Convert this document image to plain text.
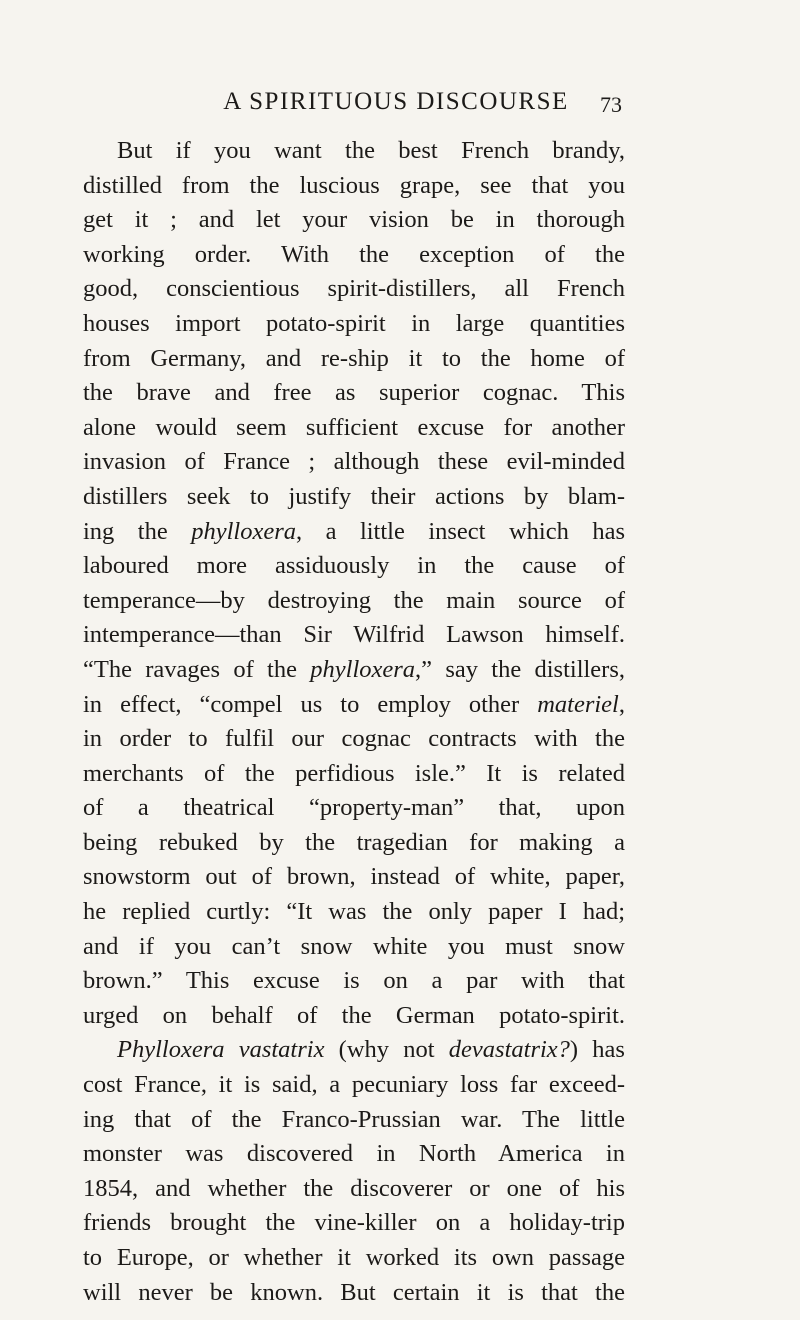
A SPIRITUOUS DISCOURSE	73
But if you want the best French brandy,
distilled from the luscious grape, see that you
get it ; and let your vision be in thorough
working order. With the exception of the
good, conscientious spirit-distillers, all French
houses import potato-spirit in large quantities
from Germany, and re-ship it to the home of
the brave and free as superior cognac. This
alone would seem sufficient excuse for another
invasion of France ; although these evil-minded
distillers seek to justify their actions by blam-
ing the phylloxera, a little insect which has
laboured more assiduously in the cause of
temperance—by destroying the main source of
intemperance—than Sir Wilfrid Lawson himself.
“The ravages of the phylloxera,” say the distillers,
in effect, “compel us to employ other materiel,
in order to fulfil our cognac contracts with the
merchants of the perfidious isle.” It is related
of a theatrical “property-man” that, upon
being rebuked by the tragedian for making a
snowstorm out of brown, instead of white, paper,
he replied curtly: “It was the only paper I had;
and if you can’t snow white you must snow
brown.” This excuse is on a par with that
urged on behalf of the German potato-spirit.
Phylloxera vastatrix (why not devastatrix?) has
cost France, it is said, a pecuniary loss far exceed-
ing that of the Franco-Prussian war. The little
monster was discovered in North America in
1854, and whether the discoverer or one of his
friends brought the vine-killer on a holiday-trip
to Europe, or whether it worked its own passage
will never be known. But certain it is that the
